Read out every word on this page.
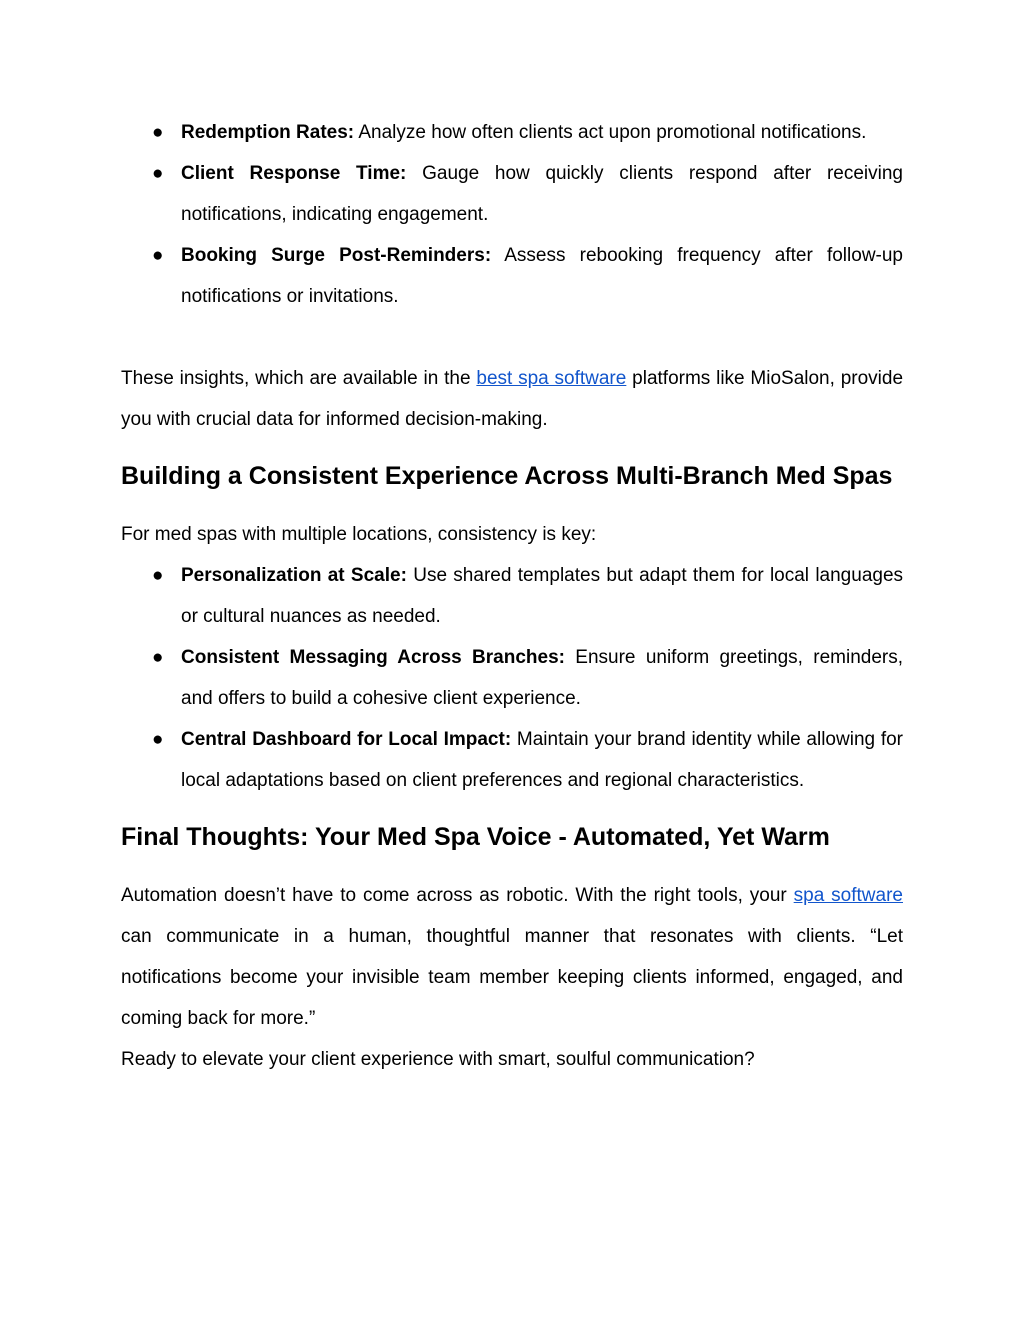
● Redemption Rates: Analyze how often clients act upon promotional notifications.
● Client Response Time: Gauge how quickly clients respond after receiving notifications, indicating engagement.
● Booking Surge Post-Reminders: Assess rebooking frequency after follow-up notifications or invitations.

These insights, which are available in the best spa software platforms like MioSalon, provide you with crucial data for informed decision-making.

Building a Consistent Experience Across Multi-Branch Med Spas

For med spas with multiple locations, consistency is key:

● Personalization at Scale: Use shared templates but adapt them for local languages or cultural nuances as needed.
● Consistent Messaging Across Branches: Ensure uniform greetings, reminders, and offers to build a cohesive client experience.
● Central Dashboard for Local Impact: Maintain your brand identity while allowing for local adaptations based on client preferences and regional characteristics.
Final Thoughts: Your Med Spa Voice - Automated, Yet Warm

Automation doesn’t have to come across as robotic. With the right tools, your spa software can communicate in a human, thoughtful manner that resonates with clients. “Let notifications become your invisible team member keeping clients informed, engaged, and coming back for more.”

Ready to elevate your client experience with smart, soulful communication?
